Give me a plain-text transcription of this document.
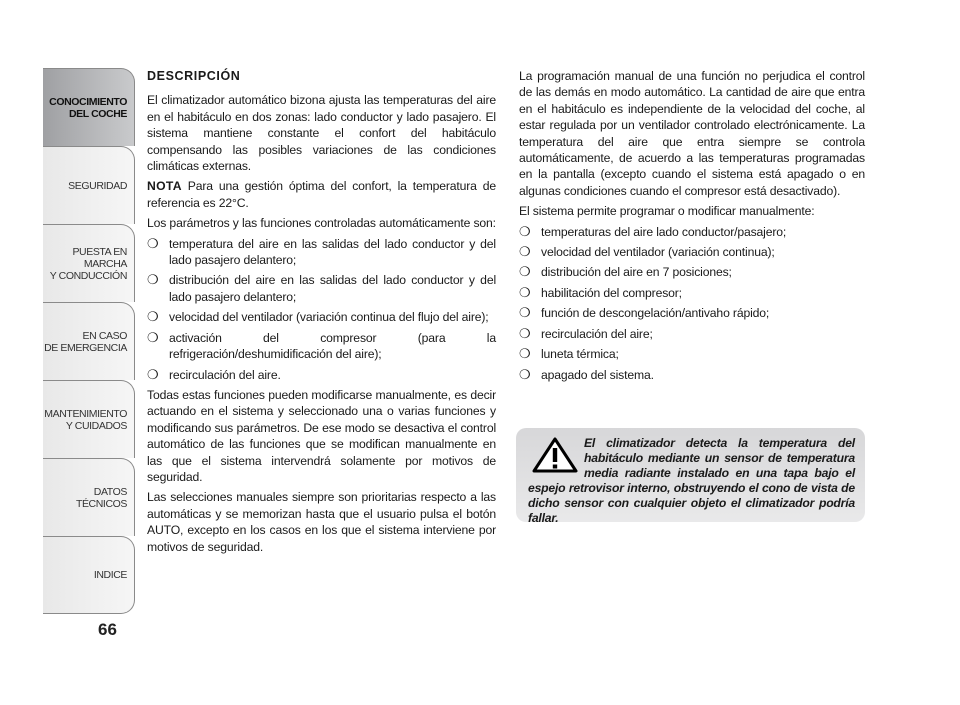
CONOCIMIENTO
DEL COCHE
SEGURIDAD
PUESTA EN MARCHA
Y CONDUCCIÓN
EN CASO
DE EMERGENCIA
MANTENIMIENTO
Y CUIDADOS
DATOS TÉCNICOS
INDICE
66
DESCRIPCIÓN

El climatizador automático bizona ajusta las temperaturas del aire en el habitáculo en dos zonas: lado conductor y lado pasajero. El sistema mantiene constante el confort del habitáculo compensando las posibles variaciones de las condiciones climáticas externas.

NOTA Para una gestión óptima del confort, la temperatura de referencia es 22°C.

Los parámetros y las funciones controladas automáticamente son:

❍ temperatura del aire en las salidas del lado conductor y del lado pasajero delantero;
❍ distribución del aire en las salidas del lado conductor y del lado pasajero delantero;
❍ velocidad del ventilador (variación continua del flujo del aire);
❍ activación del compresor (para la refrigeración/deshumidificación del aire);
❍ recirculación del aire.

Todas estas funciones pueden modificarse manualmente, es decir actuando en el sistema y seleccionado una o varias funciones y modificando sus parámetros. De ese modo se desactiva el control automático de las funciones que se modifican manualmente en las que el sistema intervendrá solamente por motivos de seguridad.

Las selecciones manuales siempre son prioritarias respecto a las automáticas y se memorizan hasta que el usuario pulsa el botón AUTO, excepto en los casos en los que el sistema interviene por motivos de seguridad.

La programación manual de una función no perjudica el control de las demás en modo automático. La cantidad de aire que entra en el habitáculo es independiente de la velocidad del coche, al estar regulada por un ventilador controlado electrónicamente. La temperatura del aire que entra siempre se controla automáticamente, de acuerdo a las temperaturas programadas en la pantalla (excepto cuando el sistema está apagado o en algunas condiciones cuando el compresor está desactivado).

El sistema permite programar o modificar manualmente:

❍ temperaturas del aire lado conductor/pasajero;
❍ velocidad del ventilador (variación continua);
❍ distribución del aire en 7 posiciones;
❍ habilitación del compresor;
❍ función de descongelación/antivaho rápido;
❍ recirculación del aire;
❍ luneta térmica;
❍ apagado del sistema.
El climatizador detecta la temperatura del habitáculo mediante un sensor de temperatura media radiante instalado en una tapa bajo el espejo retrovisor interno, obstruyendo el cono de vista de dicho sensor con cualquier objeto el climatizador podría fallar.
